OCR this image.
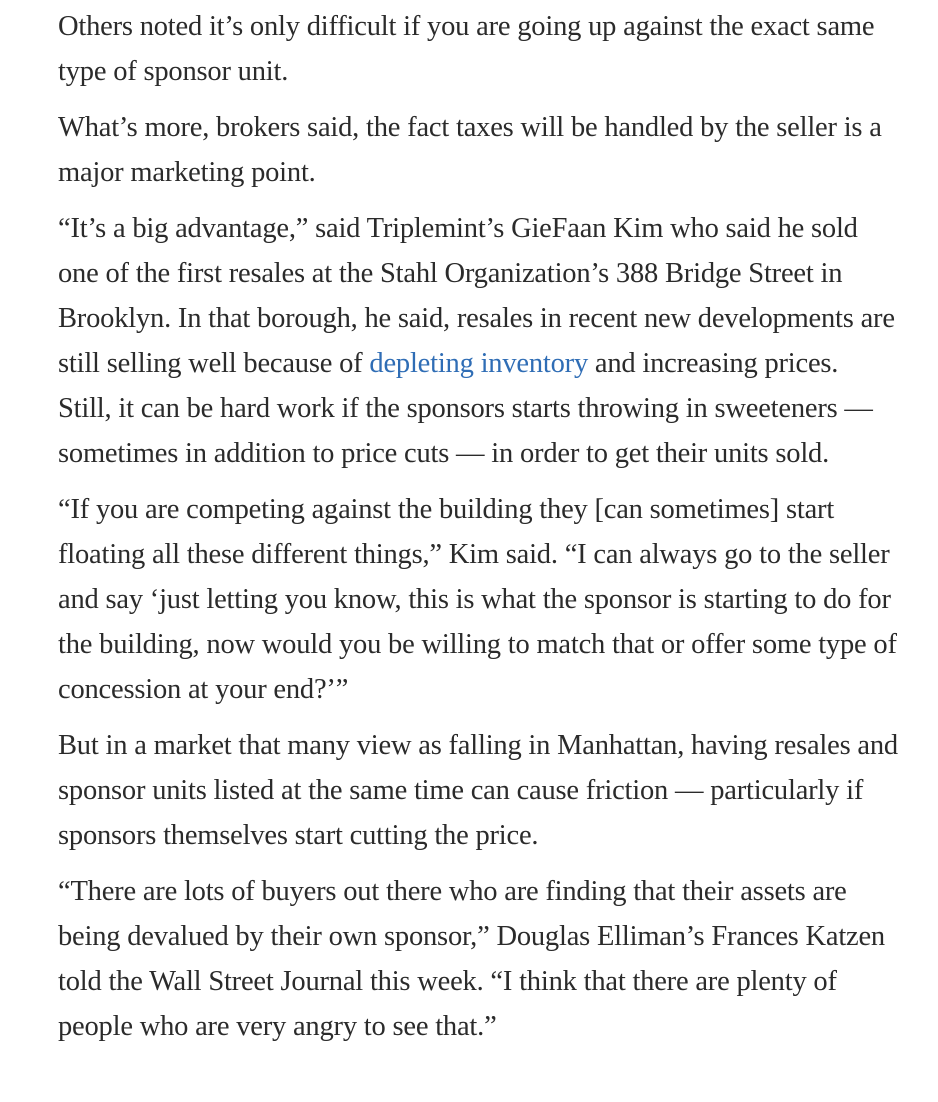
Others noted it’s only difficult if you are going up against the exact same type of sponsor unit.

What’s more, brokers said, the fact taxes will be handled by the seller is a major marketing point.

“It’s a big advantage,” said Triplemint’s GieFaan Kim who said he sold one of the first resales at the Stahl Organization’s 388 Bridge Street in Brooklyn. In that borough, he said, resales in recent new developments are still selling well because of depleting inventory and increasing prices. Still, it can be hard work if the sponsors starts throwing in sweeteners — sometimes in addition to price cuts — in order to get their units sold.

“If you are competing against the building they [can sometimes] start floating all these different things,” Kim said. “I can always go to the seller and say ‘just letting you know, this is what the sponsor is starting to do for the building, now would you be willing to match that or offer some type of concession at your end?’”

But in a market that many view as falling in Manhattan, having resales and sponsor units listed at the same time can cause friction — particularly if sponsors themselves start cutting the price.

“There are lots of buyers out there who are finding that their assets are being devalued by their own sponsor,” Douglas Elliman’s Frances Katzen told the Wall Street Journal this week. “I think that there are plenty of people who are very angry to see that.”
